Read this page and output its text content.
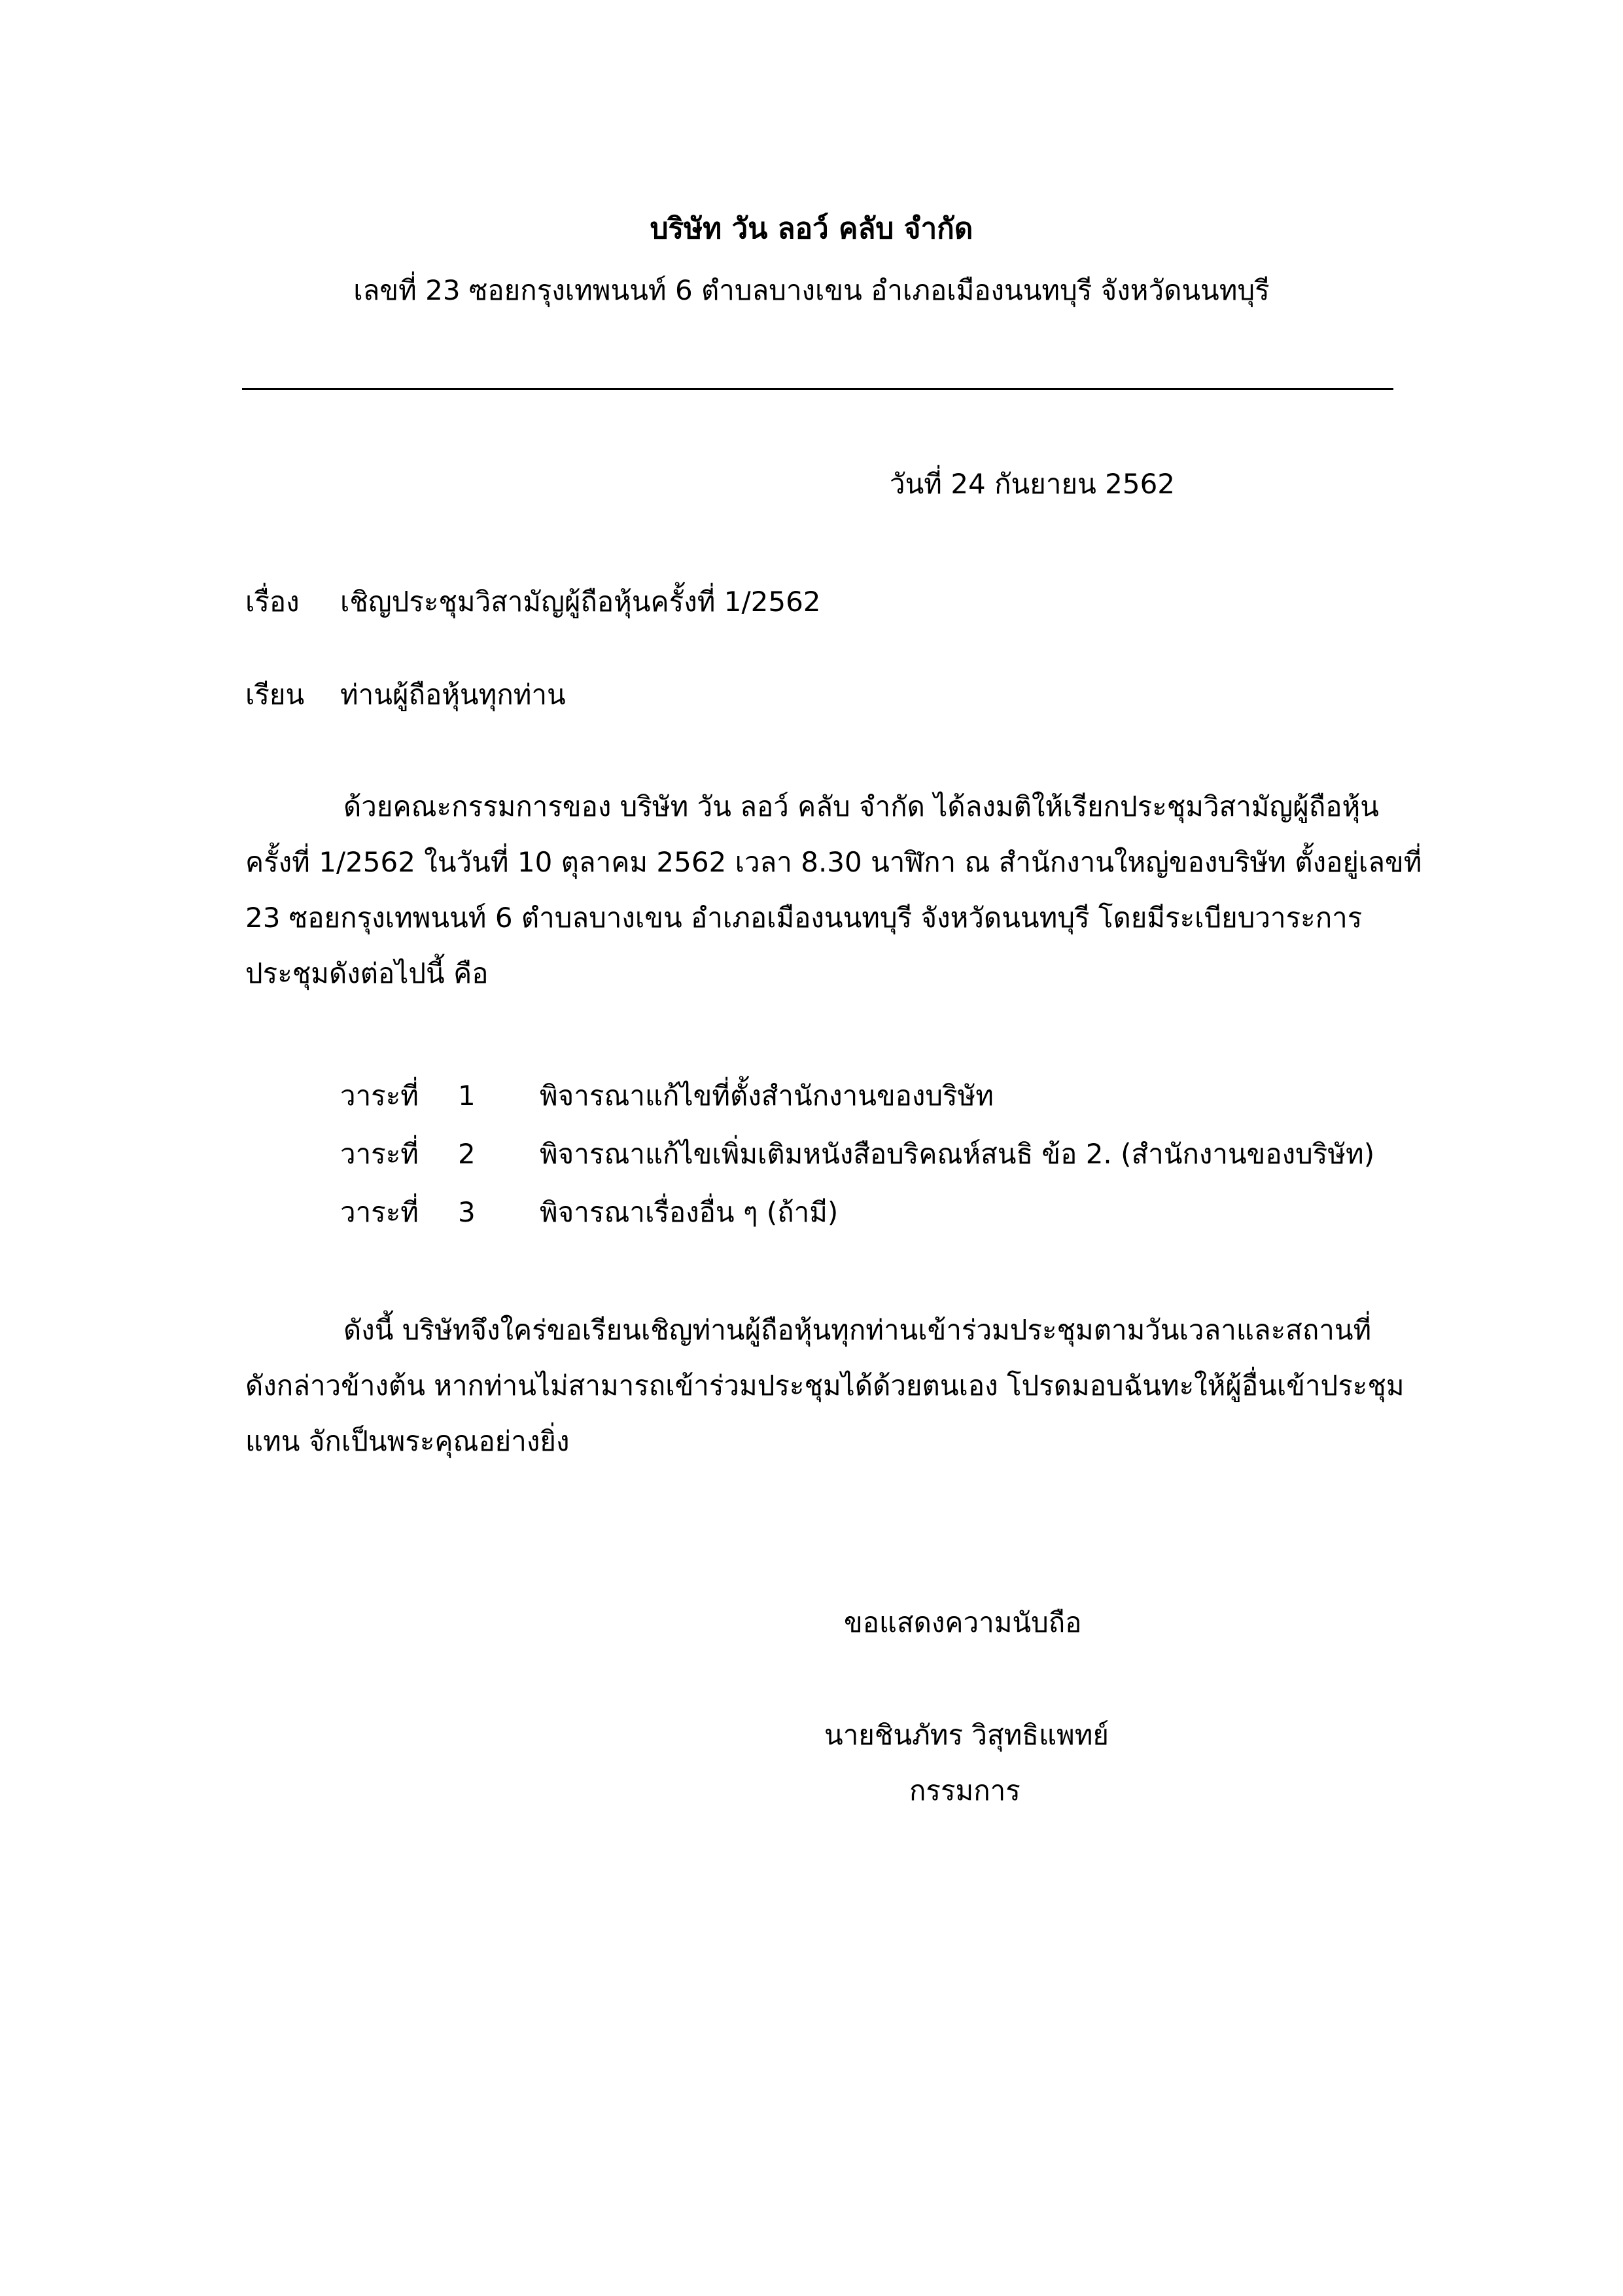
บริษัท วัน ลอว์ คลับ จำกัด
เลขที่ 23 ซอยกรุงเทพนนท์ 6 ตำบลบางเขน อำเภอเมืองนนทบุรี จังหวัดนนทบุรี
วันที่ 24 กันยายน 2562
เรื่อง เชิญประชุมวิสามัญผู้ถือหุ้นครั้งที่ 1/2562
เรียน ท่านผู้ถือหุ้นทุกท่าน
ด้วยคณะกรรมการของ บริษัท วัน ลอว์ คลับ จำกัด ได้ลงมติให้เรียกประชุมวิสามัญผู้ถือหุ้น
ครั้งที่ 1/2562 ในวันที่ 10 ตุลาคม 2562 เวลา 8.30 นาฬิกา ณ สำนักงานใหญ่ของบริษัท ตั้งอยู่เลขที่
23 ซอยกรุงเทพนนท์ 6 ตำบลบางเขน อำเภอเมืองนนทบุรี จังหวัดนนทบุรี โดยมีระเบียบวาระการ
ประชุมดังต่อไปนี้ คือ
วาระที่ 1 พิจารณาแก้ไขที่ตั้งสำนักงานของบริษัท
วาระที่ 2 พิจารณาแก้ไขเพิ่มเติมหนังสือบริคณห์สนธิ ข้อ 2. (สำนักงานของบริษัท)
วาระที่ 3 พิจารณาเรื่องอื่น ๆ (ถ้ามี)
ดังนี้ บริษัทจึงใคร่ขอเรียนเชิญท่านผู้ถือหุ้นทุกท่านเข้าร่วมประชุมตามวันเวลาและสถานที่
ดังกล่าวข้างต้น หากท่านไม่สามารถเข้าร่วมประชุมได้ด้วยตนเอง โปรดมอบฉันทะให้ผู้อื่นเข้าประชุม
แทน จักเป็นพระคุณอย่างยิ่ง
ขอแสดงความนับถือ
นายชินภัทร วิสุทธิแพทย์
กรรมการ
